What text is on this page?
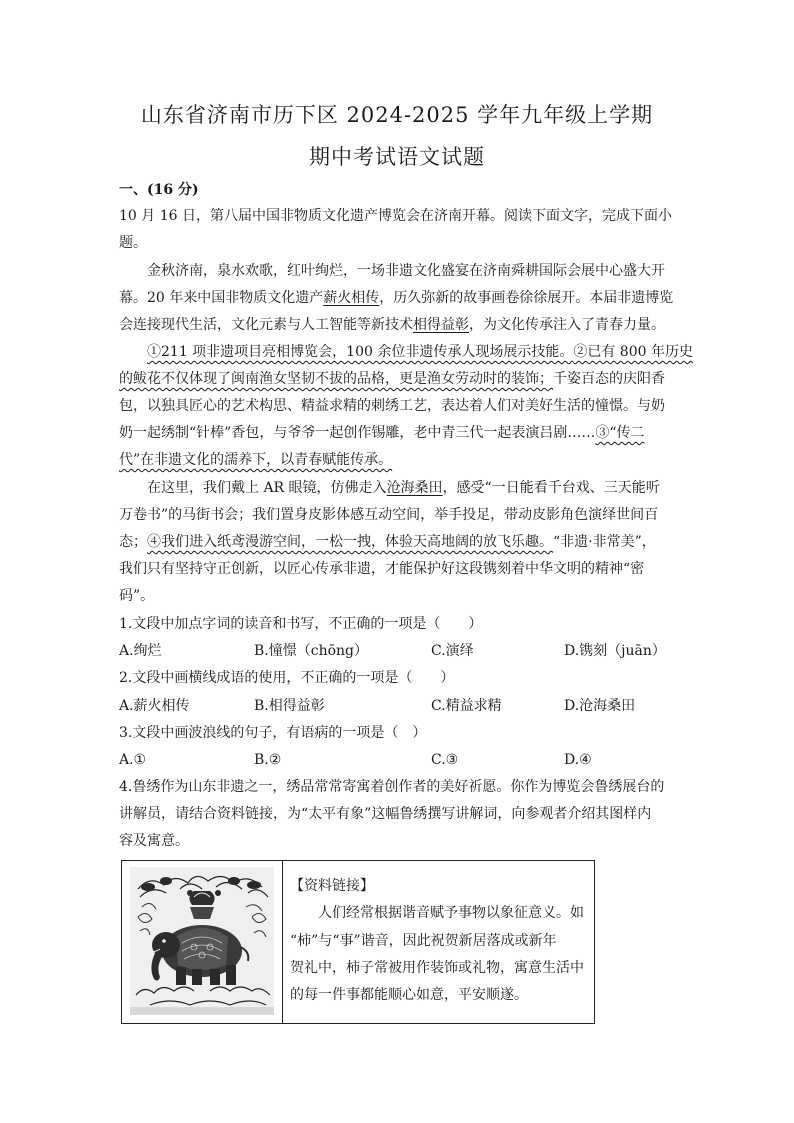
山东省济南市历下区 2024-2025 学年九年级上学期
期中考试语文试题
一、(16 分)
10 月 16 日，第八届中国非物质文化遗产博览会在济南开幕。阅读下面文字，完成下面小
题。
金秋济南，泉水欢歌，红叶绚烂，一场非遗文化盛宴在济南舜耕国际会展中心盛大开
幕。20 年来中国非物质文化遗产薪火相传，历久弥新的故事画卷徐徐展开。本届非遗博览
会连接现代生活，文化元素与人工智能等新技术相得益彰，为文化传承注入了青春力量。
①211 项非遗项目亮相博览会，100 余位非遗传承人现场展示技能。②已有 800 年历史
的鲅花不仅体现了闽南渔女坚韧不拔的品格，更是渔女劳动时的装饰；千姿百态的庆阳香
包，以独具匠心的艺术构思、精益求精的刺绣工艺，表达着人们对美好生活的憧憬。与奶
奶一起绣制“针棒”香包，与爷爷一起创作锡雕，老中青三代一起表演吕剧……③“传二
代”在非遗文化的濡养下，以青春赋能传承。
在这里，我们戴上 AR 眼镜，仿佛走入沧海桑田，感受“一日能看千台戏、三天能听
万卷书”的马街书会；我们置身皮影体感互动空间，举手投足，带动皮影角色演绎世间百
态；④我们进入纸鸢漫游空间，一松一拽，体验天高地阔的放飞乐趣。“非遗·非常美”，
我们只有坚持守正创新，以匠心传承非遗，才能保护好这段镌刻着中华文明的精神“密
码”。
1.文段中加点字词的读音和书写，不正确的一项是（　　）
A.绚烂	B.憧憬（chōng）	C.演绎	D.镌刻（juān）
2.文段中画横线成语的使用，不正确的一项是（　　）
A.薪火相传	B.相得益彰	C.精益求精	D.沧海桑田
3.文段中画波浪线的句子，有语病的一项是（　）
A.①	B.②	C.③	D.④
4.鲁绣作为山东非遗之一，绣品常常寄寓着创作者的美好祈愿。你作为博览会鲁绣展台的
讲解员，请结合资料链接，为“太平有象”这幅鲁绣撰写讲解词，向参观者介绍其图样内
容及寓意。
【资料链接】
人们经常根据谐音赋予事物以象征意义。如
“柿”与“事”谐音，因此祝贺新居落成或新年
贺礼中，柿子常被用作装饰或礼物，寓意生活中
的每一件事都能顺心如意，平安顺遂。
